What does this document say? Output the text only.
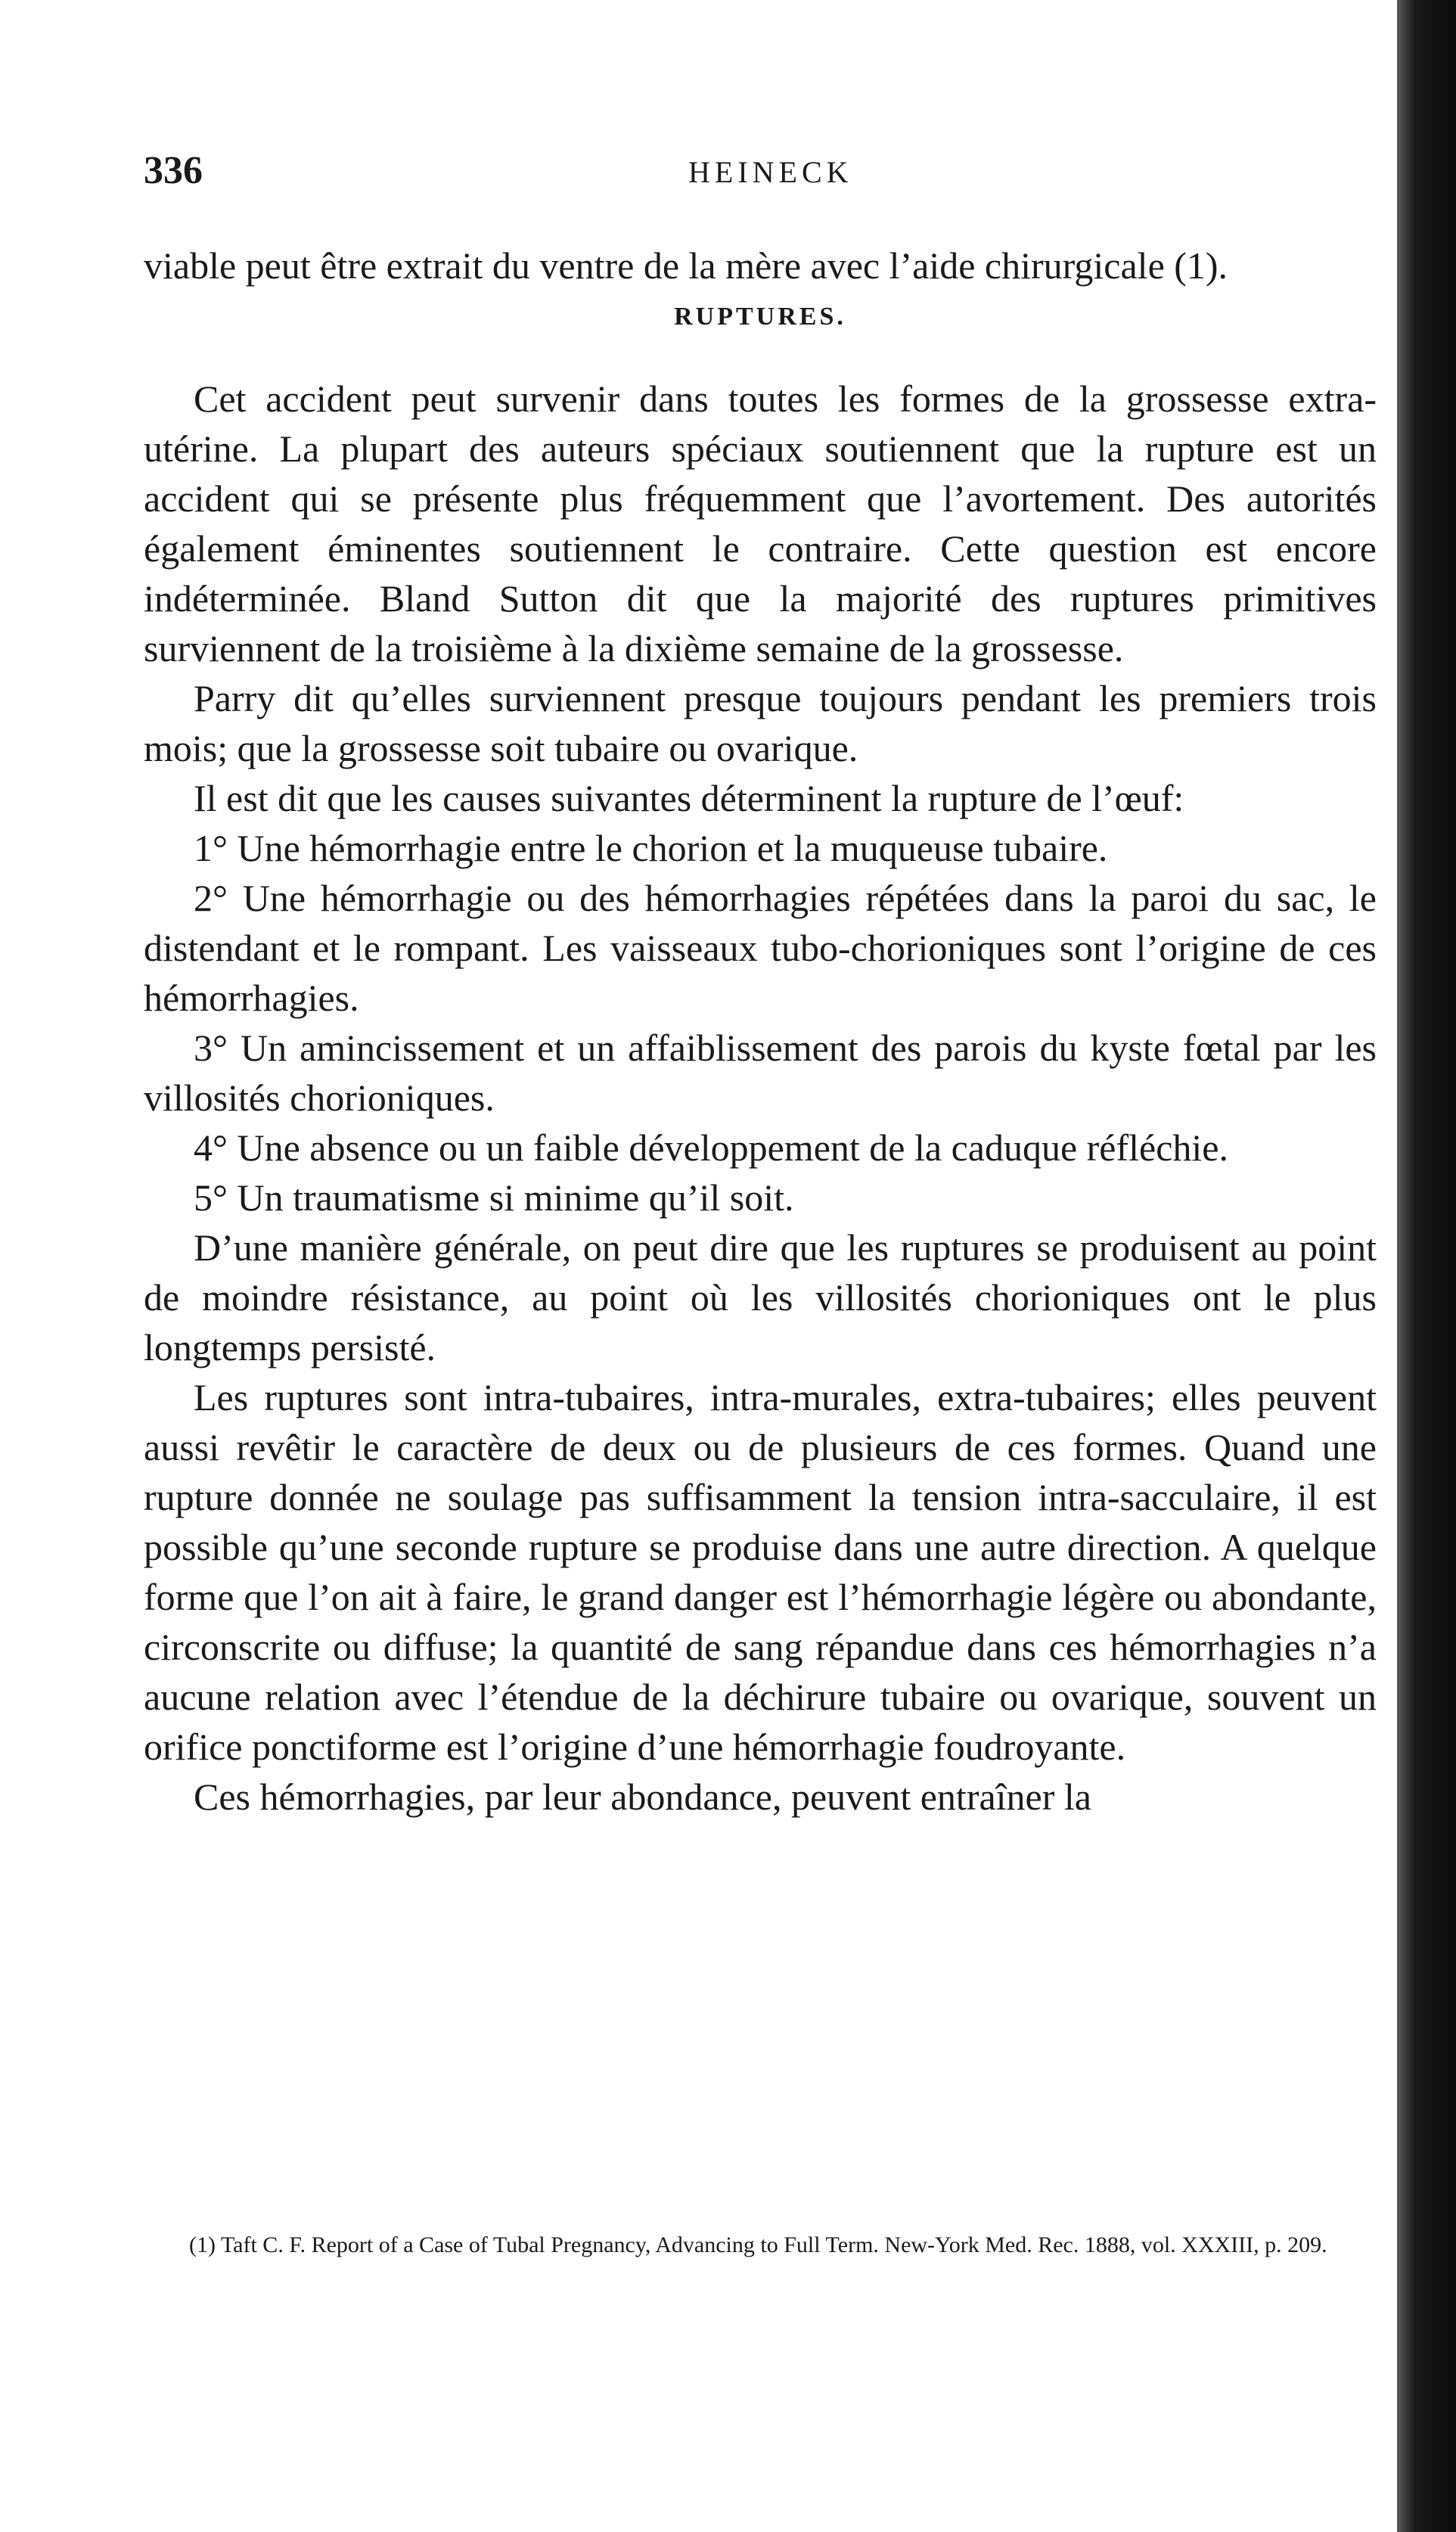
336	HEINECK

viable peut être extrait du ventre de la mère avec l’aide chirurgicale (1).

RUPTURES.

Cet accident peut survenir dans toutes les formes de la grossesse extra-utérine. La plupart des auteurs spéciaux soutiennent que la rupture est un accident qui se présente plus fréquemment que l’avortement. Des autorités également éminentes soutiennent le contraire. Cette question est encore indéterminée. Bland Sutton dit que la majorité des ruptures primitives surviennent de la troisième à la dixième semaine de la grossesse.

Parry dit qu’elles surviennent presque toujours pendant les premiers trois mois; que la grossesse soit tubaire ou ovarique.

Il est dit que les causes suivantes déterminent la rupture de l’œuf:

1° Une hémorrhagie entre le chorion et la muqueuse tubaire.

2° Une hémorrhagie ou des hémorrhagies répétées dans la paroi du sac, le distendant et le rompant. Les vaisseaux tubo-chorioniques sont l’origine de ces hémorrhagies.

3° Un amincissement et un affaiblissement des parois du kyste fœtal par les villosités chorioniques.

4° Une absence ou un faible développement de la caduque réfléchie.

5° Un traumatisme si minime qu’il soit.

D’une manière générale, on peut dire que les ruptures se produisent au point de moindre résistance, au point où les villosités chorioniques ont le plus longtemps persisté.

Les ruptures sont intra-tubaires, intra-murales, extra-tubaires; elles peuvent aussi revêtir le caractère de deux ou de plusieurs de ces formes. Quand une rupture donnée ne soulage pas suffisamment la tension intra-sacculaire, il est possible qu’une seconde rupture se produise dans une autre direction. A quelque forme que l’on ait à faire, le grand danger est l’hémorrhagie légère ou abondante, circonscrite ou diffuse; la quantité de sang répandue dans ces hémorrhagies n’a aucune relation avec l’étendue de la déchirure tubaire ou ovarique, souvent un orifice ponctiforme est l’origine d’une hémorrhagie foudroyante.

Ces hémorrhagies, par leur abondance, peuvent entraîner la

(1) Taft C. F. Report of a Case of Tubal Pregnancy, Advancing to Full Term. New-York Med. Rec. 1888, vol. XXXIII, p. 209.
